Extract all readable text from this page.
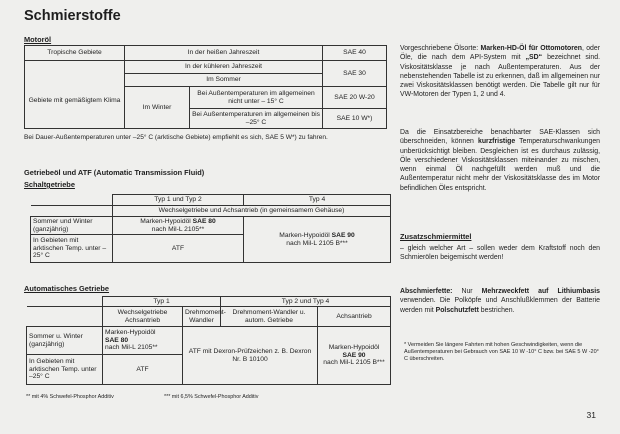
Schmierstoffe
Motoröl
Tropische Gebiete	In der heißen Jahreszeit		SAE 40
	In der kühleren Jahreszeit		SAE 30
Gebiete mit gemäßigtem Klima	Im Sommer		
	Im Winter	Bei Außentemperaturen im allgemeinen nicht unter – 15° C	SAE 20 W-20
		Bei Außentemperaturen im allgemeinen bis –25° C	SAE 10 W*)
Bei Dauer-Außentemperaturen unter –25° C (arktische Gebiete) empfiehlt es sich, SAE 5 W*) zu fahren.
Getriebeöl und ATF (Automatic Transmission Fluid)
Schaltgetriebe
	Typ 1 und Typ 2	Typ 4
	Wechselgetriebe und Achsantrieb (in gemeinsamem Gehäuse)	
Sommer und Winter (ganzjährig)	Marken-Hypoidöl SAE 80
nach Mil-L 2105**	Marken-Hypoidöl SAE 90
nach Mil-L 2105 B***
In Gebieten mit arktischen Temp. unter –25° C	ATF	
Automatisches Getriebe
	Typ 1		Typ 2 und Typ 4	
	Wechselgetriebe Achsantrieb	Drehmoment-Wandler	Drehmoment-Wandler u. autom. Getriebe	Achsantrieb
Sommer u. Winter (ganzjährig)	Marken-Hypoidöl
SAE 80
nach Mil-L 2105**	ATF mit Dexron-Prüfzeichen z. B. Dexron Nr. B 10100		Marken-Hypoidöl
SAE 90
nach Mil-L 2105 B***
In Gebieten mit arktischen Temp. unter –25° C	ATF			
** mit 4% Schwefel-Phosphor Additiv	*** mit 6,5% Schwefel-Phosphor Additiv

Vorgeschriebene Ölsorte: Marken-HD-Öl für Ottomotoren, oder Öle, die nach dem API-System mit „SD“ bezeichnet sind. Viskositätsklasse je nach Außentemperaturen. Aus der nebenstehenden Tabelle ist zu erkennen, daß im allgemeinen nur zwei Viskositätsklassen benötigt werden. Die Tabelle gilt nur für VW-Motoren der Typen 1, 2 und 4.

Da die Einsatzbereiche benachbarter SAE-Klassen sich überschneiden, können kurzfristige Temperaturschwankungen unberücksichtigt bleiben. Desgleichen ist es durchaus zulässig, Öle verschiedener Viskositätsklassen miteinander zu mischen, wenn einmal Öl nachgefüllt werden muß und die Außentemperatur nicht mehr der Viskositätsklasse des im Motor befindlichen Öles entspricht.

Zusatzschmiermittel

– gleich welcher Art – sollen weder dem Kraftstoff noch den Schmierölen beigemischt werden!

Abschmierfette: Nur Mehrzweckfett auf Lithiumbasis verwenden. Die Polköpfe und Anschlußklemmen der Batterie werden mit Polschutzfett bestrichen.

* Vermeiden Sie längere Fahrten mit hohen Geschwindigkeiten, wenn die Außentemperaturen bei Gebrauch von SAE 10 W -10° C bzw. bei SAE 5 W -20° C überschreiten.
31
